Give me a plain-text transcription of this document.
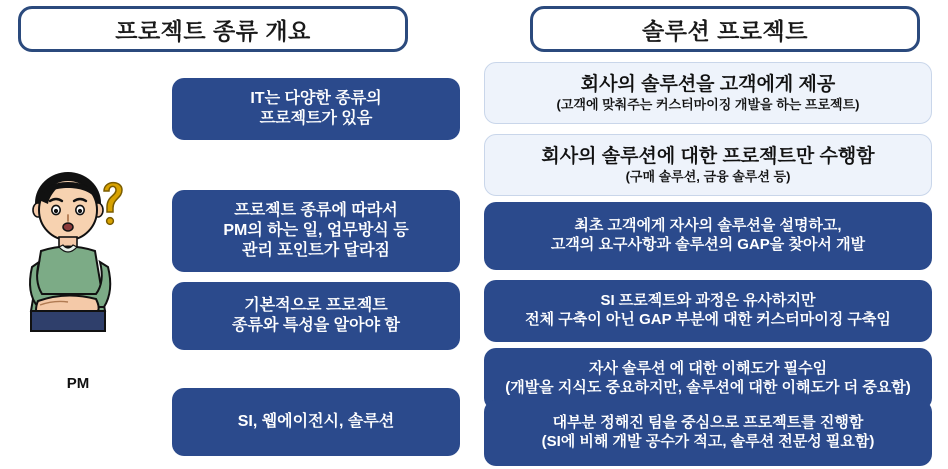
프로젝트 종류 개요	솔루션 프로젝트
PM
IT는 다양한 종류의
프로젝트가 있음
프로젝트 종류에 따라서
PM의 하는 일, 업무방식 등
관리 포인트가 달라짐
기본적으로 프로젝트
종류와 특성을 알아야 함
SI, 웹에이전시, 솔루션
회사의 솔루션을 고객에게 제공
(고객에 맞춰주는 커스터마이징 개발을 하는 프로젝트)
회사의 솔루션에 대한 프로젝트만 수행함
(구매 솔루션, 금융 솔루션 등)
최초 고객에게 자사의 솔루션을 설명하고,
고객의 요구사항과 솔루션의 GAP을 찾아서 개발
SI 프로젝트와 과정은 유사하지만
전체 구축이 아닌 GAP 부분에 대한 커스터마이징 구축임
자사 솔루션 에 대한 이해도가 필수임
(개발을 지식도 중요하지만, 솔루션에 대한 이해도가 더 중요함)
대부분 정해진 팀을 중심으로 프로젝트를 진행함
(SI에 비해 개발 공수가 적고, 솔루션 전문성 필요함)
